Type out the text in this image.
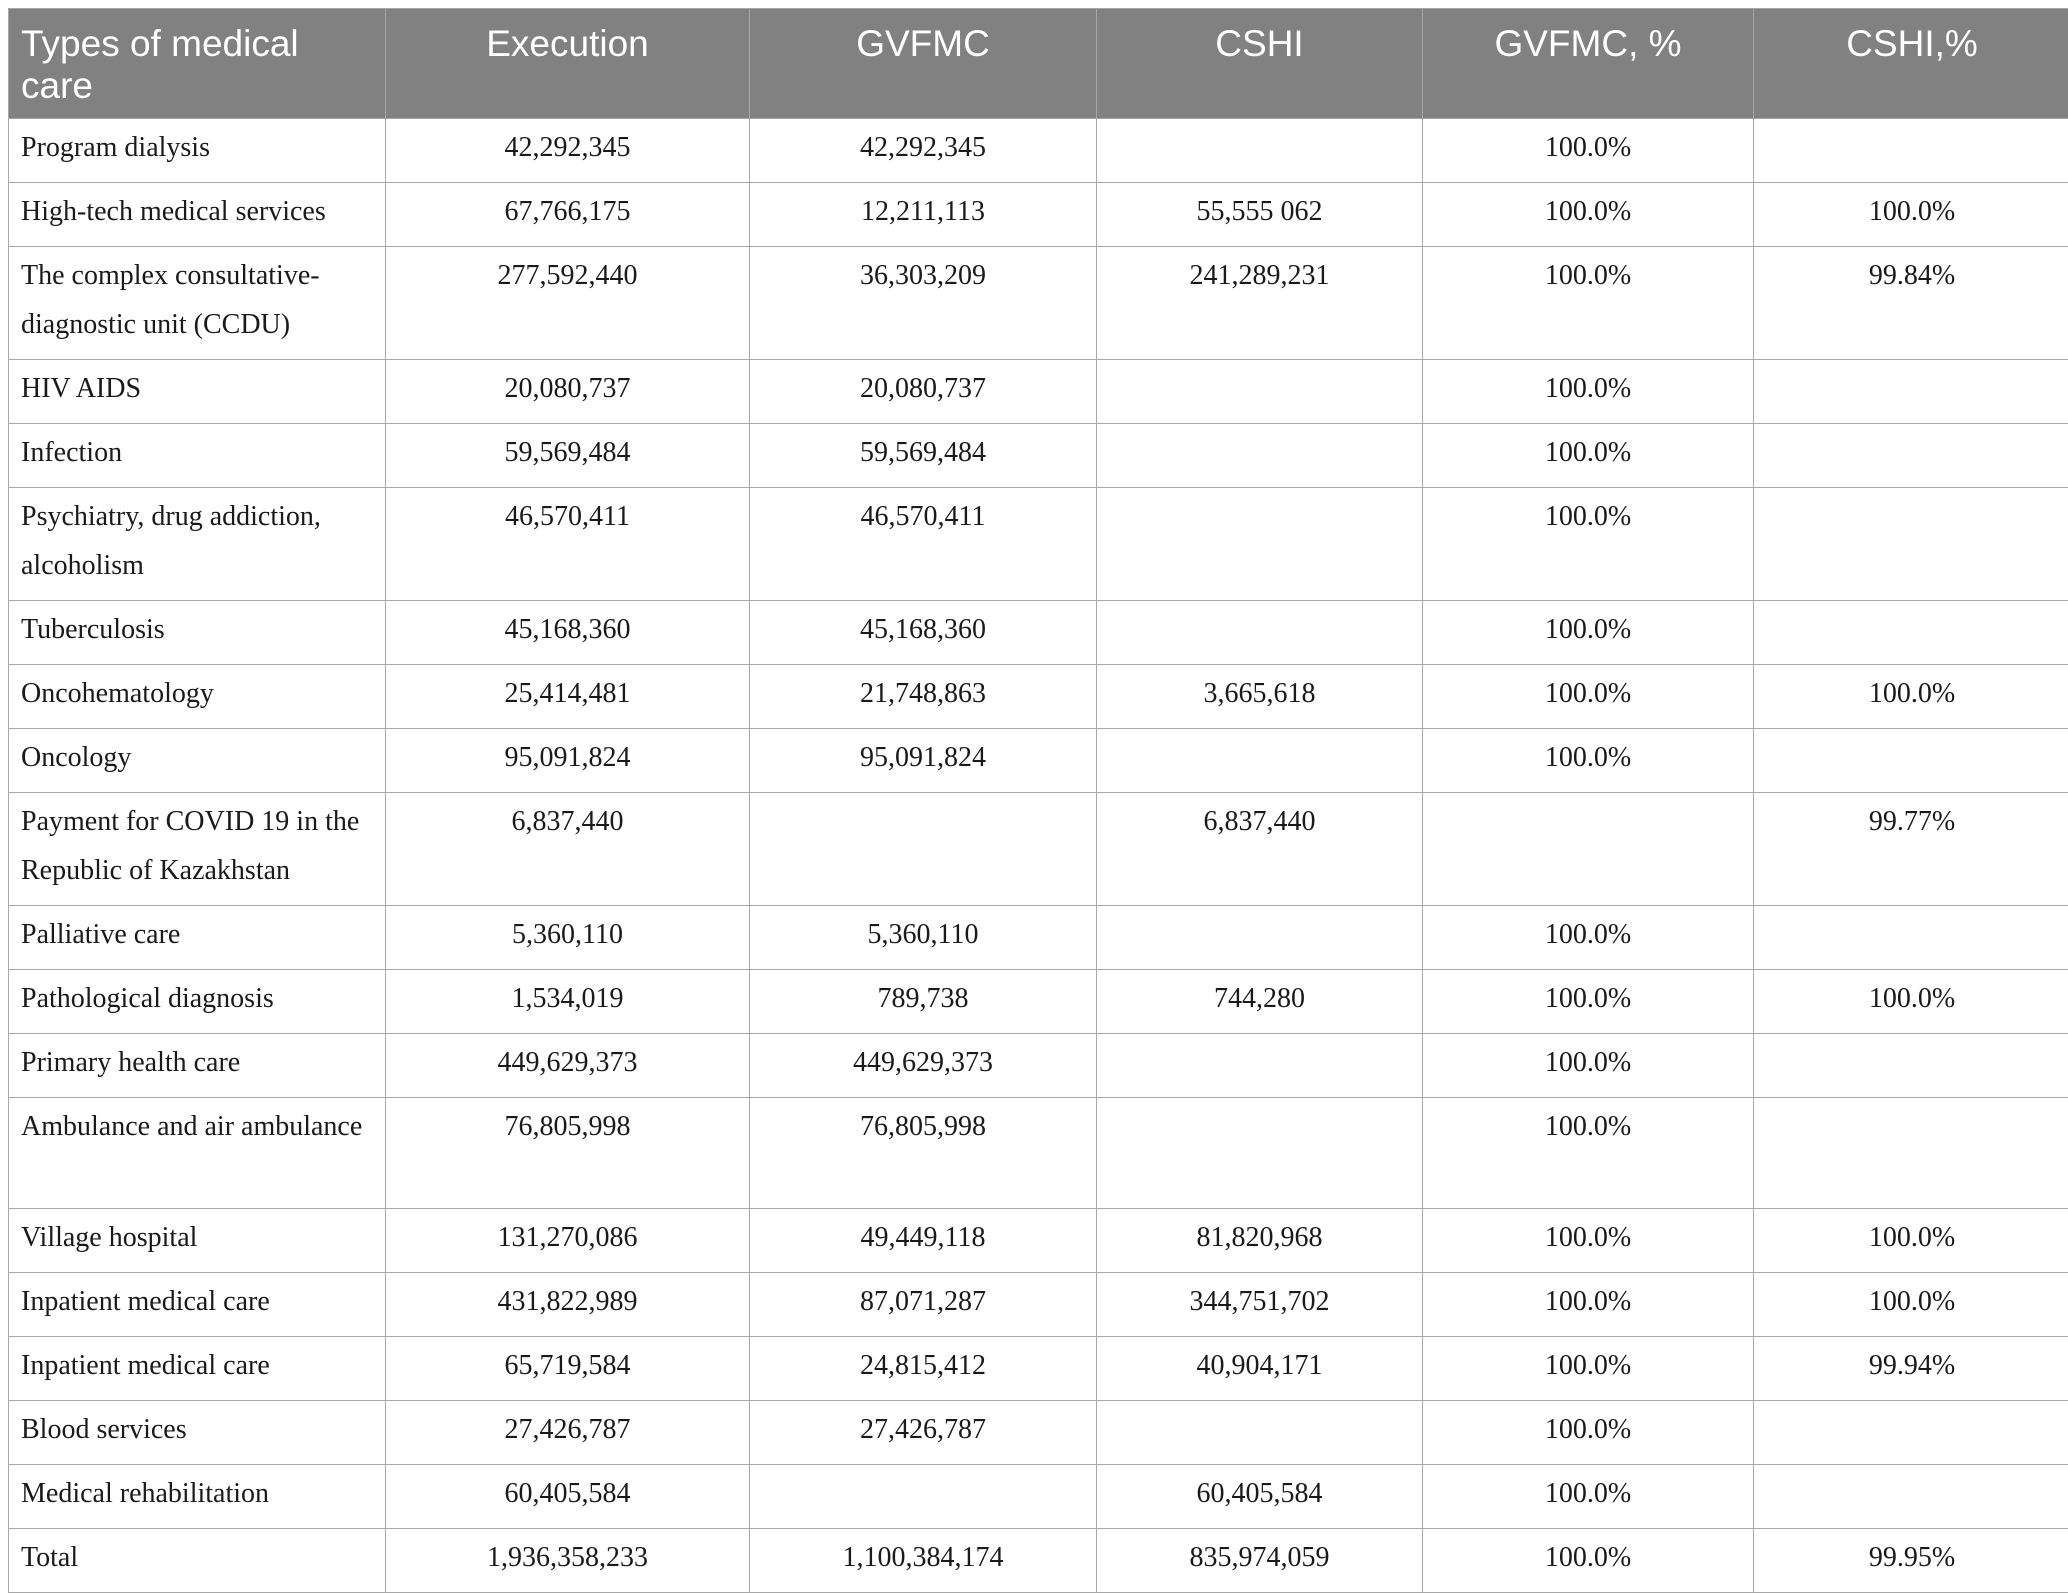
Types of medical care	Execution	GVFMC	CSHI	GVFMC, %	CSHI,%
Program dialysis	42,292,345	42,292,345		100.0%	
High-tech medical services	67,766,175	12,211,113	55,555 062	100.0%	100.0%
The complex consultative-diagnostic unit (CCDU)	277,592,440	36,303,209	241,289,231	100.0%	99.84%
HIV AIDS	20,080,737	20,080,737		100.0%	
Infection	59,569,484	59,569,484		100.0%	
Psychiatry, drug addiction, alcoholism	46,570,411	46,570,411		100.0%	
Tuberculosis	45,168,360	45,168,360		100.0%	
Oncohematology	25,414,481	21,748,863	3,665,618	100.0%	100.0%
Oncology	95,091,824	95,091,824		100.0%	
Payment for COVID 19 in the Republic of Kazakhstan	6,837,440		6,837,440		99.77%
Palliative care	5,360,110	5,360,110		100.0%	
Pathological diagnosis	1,534,019	789,738	744,280	100.0%	100.0%
Primary health care	449,629,373	449,629,373		100.0%	
Ambulance and air ambulance	76,805,998	76,805,998		100.0%	
Village hospital	131,270,086	49,449,118	81,820,968	100.0%	100.0%
Inpatient medical care	431,822,989	87,071,287	344,751,702	100.0%	100.0%
Inpatient medical care	65,719,584	24,815,412	40,904,171	100.0%	99.94%
Blood services	27,426,787	27,426,787		100.0%	
Medical rehabilitation	60,405,584		60,405,584	100.0%	
Total	1,936,358,233	1,100,384,174	835,974,059	100.0%	99.95%
